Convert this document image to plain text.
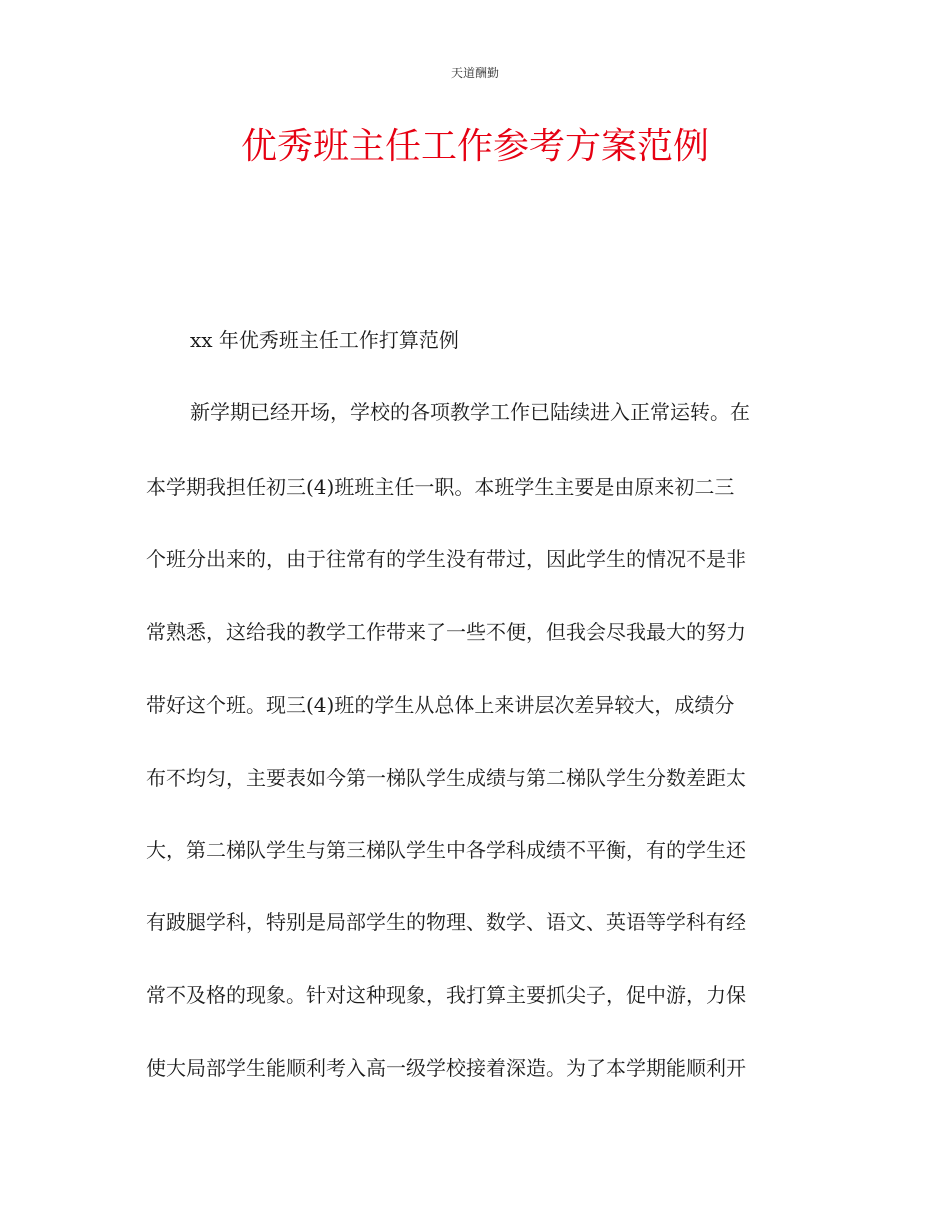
天道酬勤
优秀班主任工作参考方案范例
xx 年优秀班主任工作打算范例
新学期已经开场，学校的各项教学工作已陆续进入正常运转。在
本学期我担任初三(4)班班主任一职。本班学生主要是由原来初二三
个班分出来的，由于往常有的学生没有带过，因此学生的情况不是非
常熟悉，这给我的教学工作带来了一些不便，但我会尽我最大的努力
带好这个班。现三(4)班的学生从总体上来讲层次差异较大，成绩分
布不均匀，主要表如今第一梯队学生成绩与第二梯队学生分数差距太
大，第二梯队学生与第三梯队学生中各学科成绩不平衡，有的学生还
有跛腿学科，特别是局部学生的物理、数学、语文、英语等学科有经
常不及格的现象。针对这种现象，我打算主要抓尖子，促中游，力保
使大局部学生能顺利考入高一级学校接着深造。为了本学期能顺利开
